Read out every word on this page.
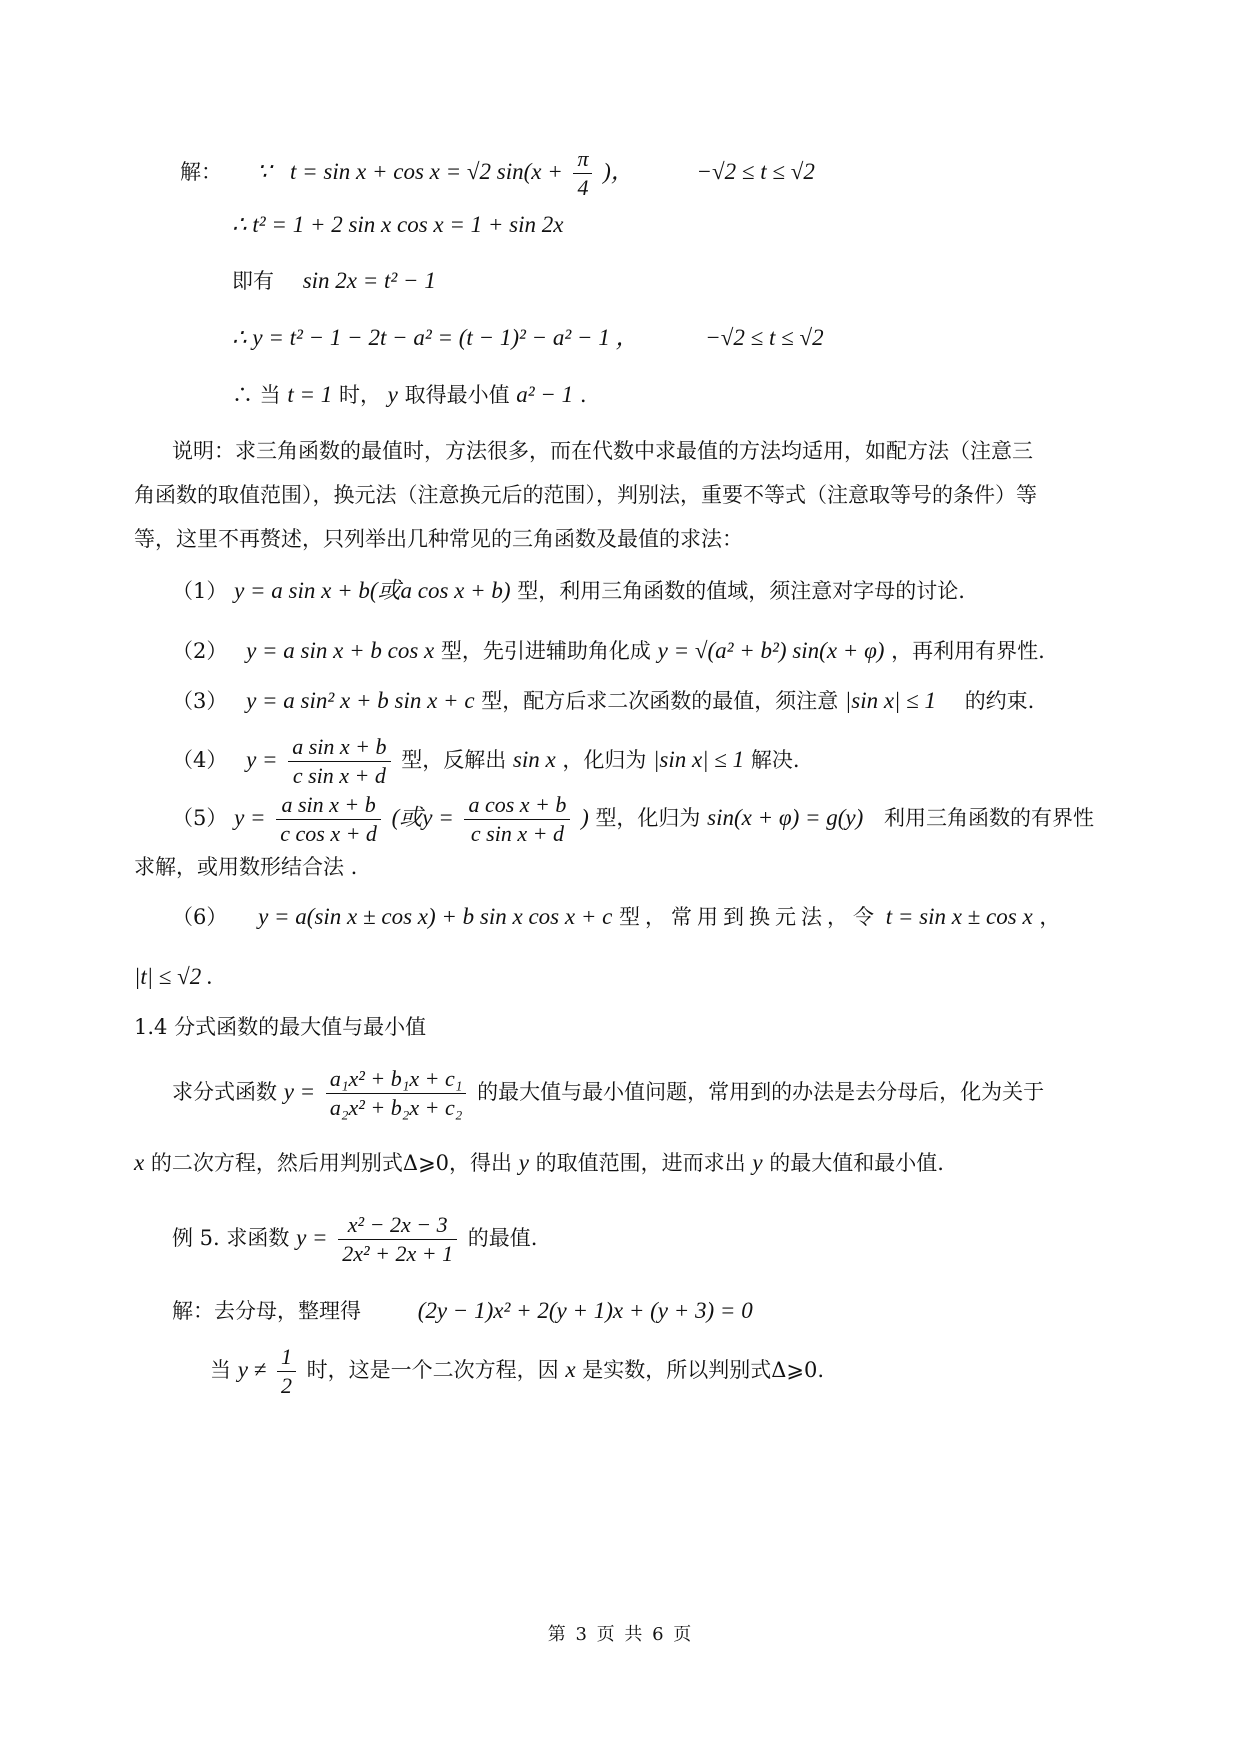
解： ∵ t = sin x + cos x = √2 $\sin(x + \frac{\pi}{4}$ )，	−√2 ≤ t ≤ √2
∴ t² = 1 + 2 sin x cos x = 1 + sin 2x
即有 sin 2x = t² − 1
∴ y = t² − 1 − 2t − a² = (t − 1)² − a² − 1 ，	−√2 ≤ t ≤ √2
∴ 当 t = 1 时， y 取得最小值 a² − 1 .
说明：求三角函数的最值时，方法很多，而在代数中求最值的方法均适用，如配方法（注意三
角函数的取值范围），换元法（注意换元后的范围），判别法，重要不等式（注意取等号的条件）等
等，这里不再赘述，只列举出几种常见的三角函数及最值的求法：
（1） y = a sin x + b(或a cos x + b) 型，利用三角函数的值域，须注意对字母的讨论.
（2） y = a sin x + b cos x 型，先引进辅助角化成 y = √(a² + b²) sin(x + φ) ，再利用有界性.
（3） y = a sin² x + b sin x + c 型，配方后求二次函数的最值，须注意 |sin x| ≤ 1 的约束.
（4） $y = \frac{\text{a sin x + b}}{\text{c sin x + d}}$ 型，反解出 sin x ，化归为 |sin x| ≤ 1 解决.
（5） $y = \frac{\text{a sin x + b}}{\text{c cos x + d}}$ (或$y = \frac{\text{a cos x + b}}{\text{c sin x + d}}$ ) 型，化归为 sin(x + φ) = g(y) 利用三角函数的有界性
求解，或用数形结合法 .
（6） y = a(sin x ± cos x) + b sin x cos x + c 型，常用到换元法，令 t = sin x ± cos x ，
|t| ≤ √2 .
1.4 分式函数的最大值与最小值
求分式函数 $y = \frac{\text{a₁x² + b₁x + c₁}}{\text{a₂x² + b₂x + c₂}}$ 的最大值与最小值问题，常用到的办法是去分母后，化为关于
x 的二次方程，然后用判别式Δ⩾0，得出 y 的取值范围，进而求出 y 的最大值和最小值.
例 5. 求函数 $y = \frac{\text{x² − 2x − 3}}{\text{2x² + 2x + 1}}$ 的最值.
解：去分母，整理得 (2y − 1)x² + 2(y + 1)x + (y + 3) = 0
当 $y \ne \frac{1}{2}$ 时，这是一个二次方程，因 x 是实数，所以判别式Δ⩾0.
第 3 页 共 6 页
